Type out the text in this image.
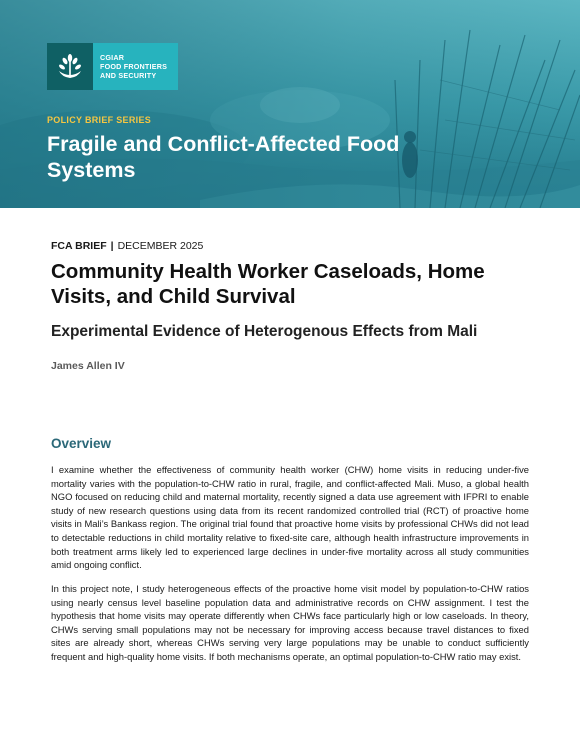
CGIAR
FOOD FRONTIERS
AND SECURITY
POLICY BRIEF SERIES
Fragile and Conflict-Affected Food Systems
FCA BRIEF | DECEMBER 2025
Community Health Worker Caseloads, Home Visits, and Child Survival
Experimental Evidence of Heterogenous Effects from Mali
James Allen IV
Overview

I examine whether the effectiveness of community health worker (CHW) home visits in reducing under-five mortality varies with the population-to-CHW ratio in rural, fragile, and conflict-affected Mali. Muso, a global health NGO focused on reducing child and maternal mortality, recently signed a data use agreement with IFPRI to enable study of new research questions using data from its recent randomized controlled trial (RCT) of proactive home visits in Mali’s Bankass region. The original trial found that proactive home visits by professional CHWs did not lead to detectable reductions in child mortality relative to fixed-site care, although health infrastructure improvements in both treatment arms likely led to experienced large declines in under-five mortality across all study communities amid ongoing conflict.

In this project note, I study heterogeneous effects of the proactive home visit model by population-to-CHW ratios using nearly census level baseline population data and administrative records on CHW assignment. I test the hypothesis that home visits may operate differently when CHWs face particularly high or low caseloads. In theory, CHWs serving small populations may not be necessary for improving access because travel distances to fixed sites are already short, whereas CHWs serving very large populations may be unable to conduct sufficiently frequent and high-quality home visits. If both mechanisms operate, an optimal population-to-CHW ratio may exist.
